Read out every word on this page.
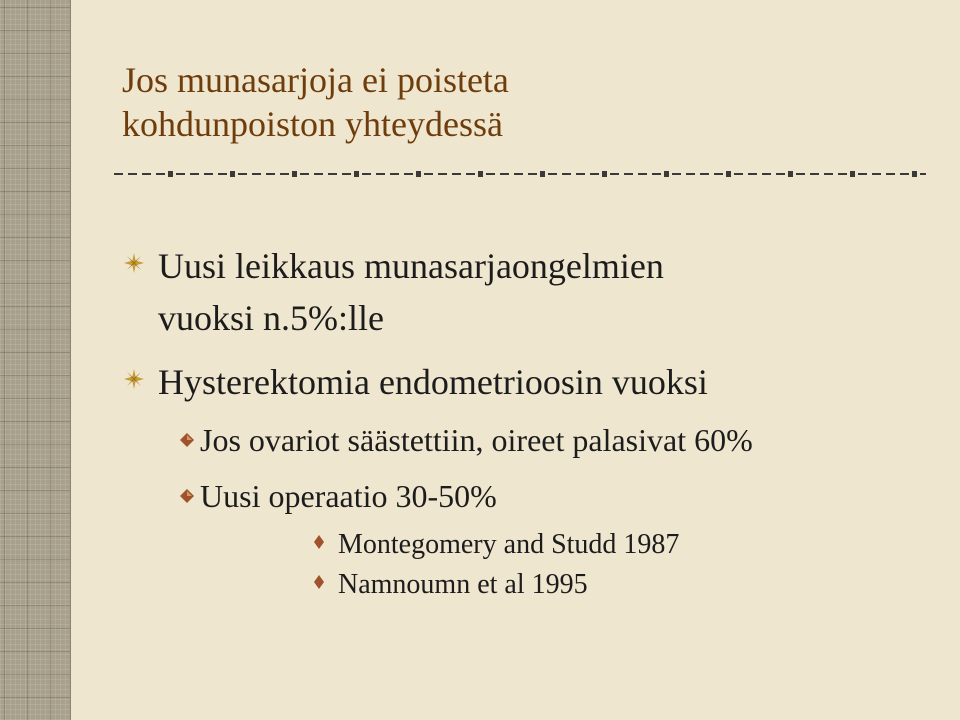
Jos munasarjoja ei poisteta
kohdunpoiston yhteydessä
Uusi leikkaus munasarjaongelmien
vuoksi n.5%:lle
Hysterektomia endometrioosin vuoksi
Jos ovariot säästettiin, oireet palasivat 60%
Uusi operaatio 30-50%
Montegomery and Studd 1987
Namnoumn et al 1995
